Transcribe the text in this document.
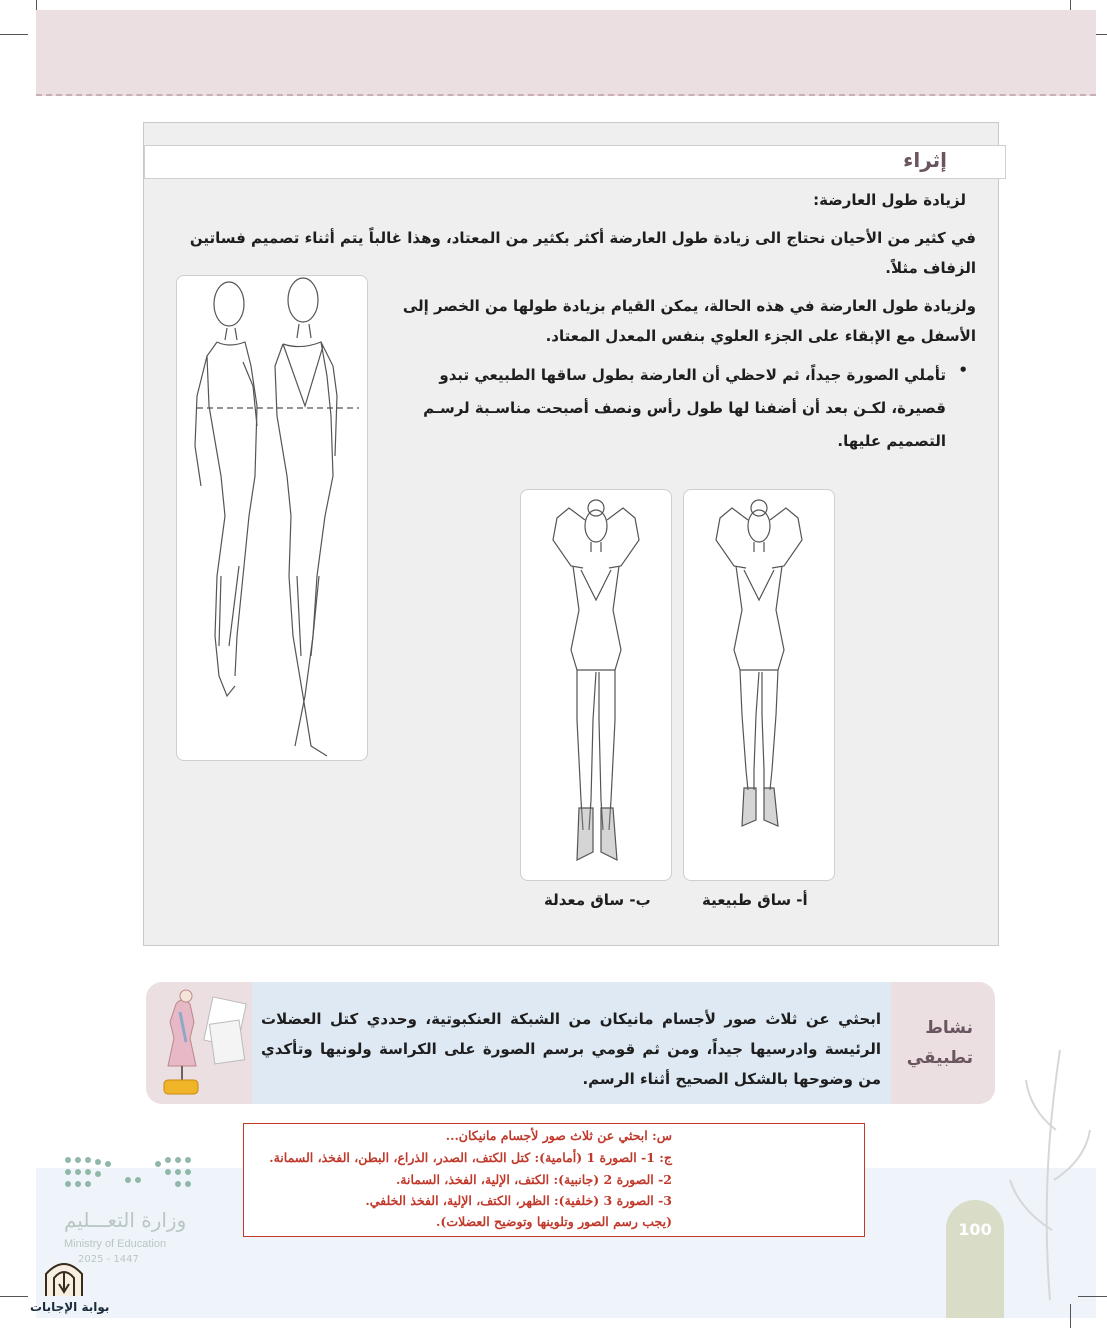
إثراء
لزيادة طول العارضة:
في كثير من الأحيان نحتاج الى زيادة طول العارضة أكثر بكثير من المعتاد، وهذا غالباً يتم أثناء تصميم فساتين الزفاف مثلاً.
ولزيادة طول العارضة في هذه الحالة، يمكن القيام بزيادة طولها من الخصر إلى الأسفل مع الإبقاء على الجزء العلوي بنفس المعدل المعتاد.
•
تأملي الصورة جيداً، ثم لاحظي أن العارضة بطول ساقها الطبيعي تبدو قصيرة، لكـن بعد أن أضفنا لها طول رأس ونصف أصبحت مناسـبة لرسـم التصميم عليها.
ب- ساق معدلة	أ- ساق طبيعية
نشاط
تطبيقي
ابحثي عن ثلاث صور لأجسام مانيكان من الشبكة العنكبوتية، وحددي كتل العضلات الرئيسة وادرسيها جيداً، ومن ثم قومي برسم الصورة على الكراسة ولونيها وتأكدي من وضوحها بالشكل الصحيح أثناء الرسم.
س: ابحثي عن ثلاث صور لأجسام مانيكان...
ج: 1- الصورة 1 (أمامية): كتل الكتف، الصدر، الذراع، البطن، الفخذ، السمانة.
2- الصورة 2 (جانبية): الكتف، الإلية، الفخذ، السمانة.
3- الصورة 3 (خلفية): الظهر، الكتف، الإلية، الفخذ الخلفي.
(يجب رسم الصور وتلوينها وتوضيح العضلات).	100
وزارة التعـــليم
Ministry of Education
2025 - 1447
بوابة الإجابات
